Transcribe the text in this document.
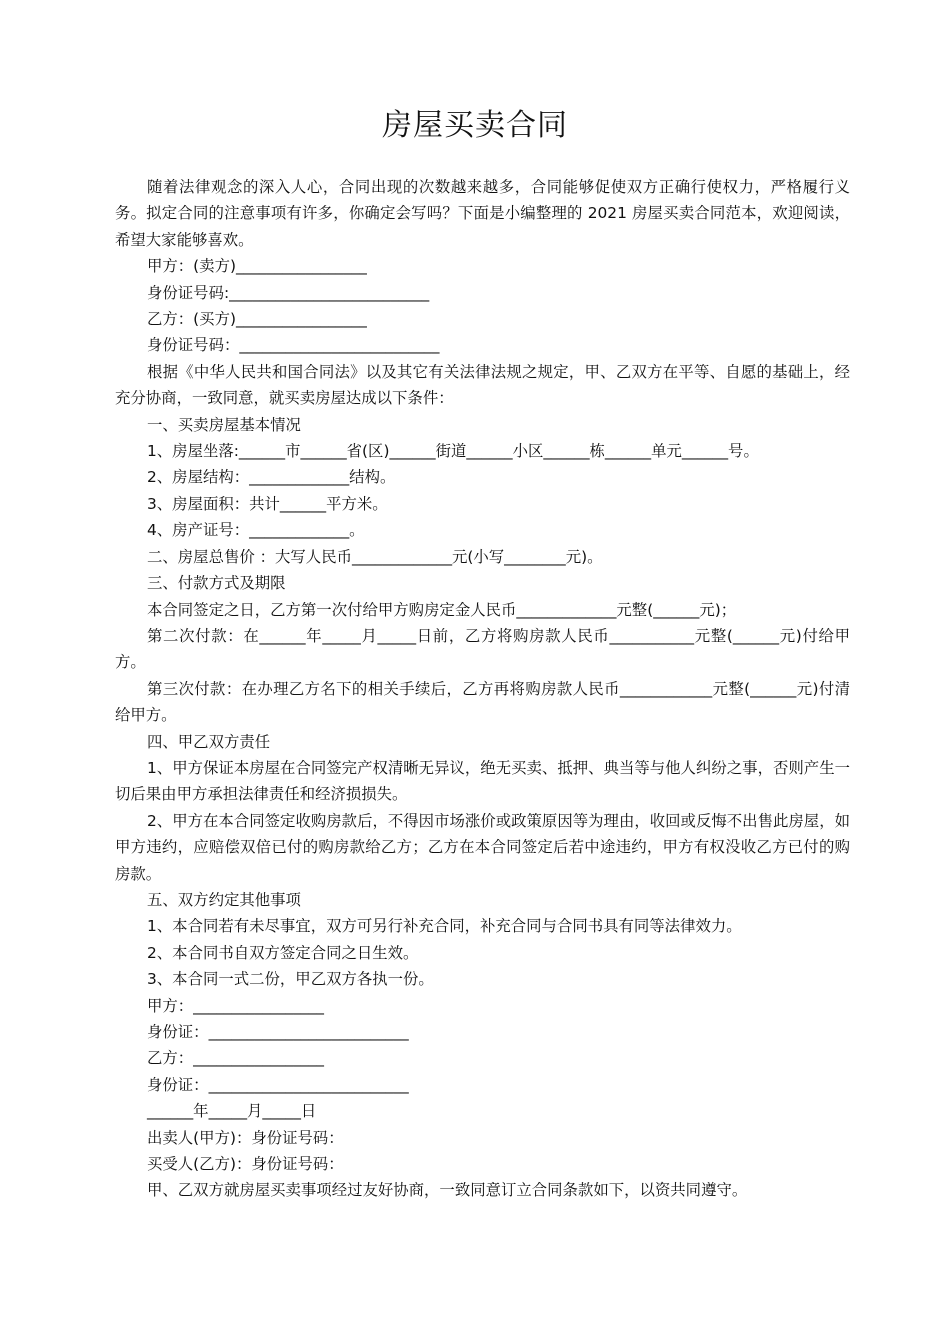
房屋买卖合同

随着法律观念的深入人心，合同出现的次数越来越多，合同能够促使双方正确行使权力，严格履行义务。拟定合同的注意事项有许多，你确定会写吗？下面是小编整理的 2021 房屋买卖合同范本，欢迎阅读，希望大家能够喜欢。

甲方：(卖方)_________________

身份证号码:__________________________

乙方：(买方)_________________

身份证号码：__________________________

根据《中华人民共和国合同法》以及其它有关法律法规之规定，甲、乙双方在平等、自愿的基础上，经充分协商，一致同意，就买卖房屋达成以下条件：

一、买卖房屋基本情况

1、房屋坐落:______市______省(区)______街道______小区______栋______单元______号。

2、房屋结构：_____________结构。

3、房屋面积：共计______平方米。

4、房产证号：_____________。

二、房屋总售价 ：大写人民币_____________元(小写________元)。

三、付款方式及期限

本合同签定之日，乙方第一次付给甲方购房定金人民币_____________元整(______元)；

第二次付款：在______年_____月_____日前，乙方将购房款人民币___________元整(______元)付给甲方。

第三次付款：在办理乙方名下的相关手续后，乙方再将购房款人民币____________元整(______元)付清给甲方。

四、甲乙双方责任

1、甲方保证本房屋在合同签完产权清晰无异议，绝无买卖、抵押、典当等与他人纠纷之事，否则产生一切后果由甲方承担法律责任和经济损损失。

2、甲方在本合同签定收购房款后，不得因市场涨价或政策原因等为理由，收回或反悔不出售此房屋，如甲方违约，应赔偿双倍已付的购房款给乙方；乙方在本合同签定后若中途违约，甲方有权没收乙方已付的购房款。

五、双方约定其他事项

1、本合同若有未尽事宜，双方可另行补充合同，补充合同与合同书具有同等法律效力。

2、本合同书自双方签定合同之日生效。

3、本合同一式二份，甲乙双方各执一份。

甲方：_________________

身份证：__________________________

乙方：_________________

身份证：__________________________

______年_____月_____日

出卖人(甲方)：身份证号码：

买受人(乙方)：身份证号码：

甲、乙双方就房屋买卖事项经过友好协商，一致同意订立合同条款如下，以资共同遵守。
